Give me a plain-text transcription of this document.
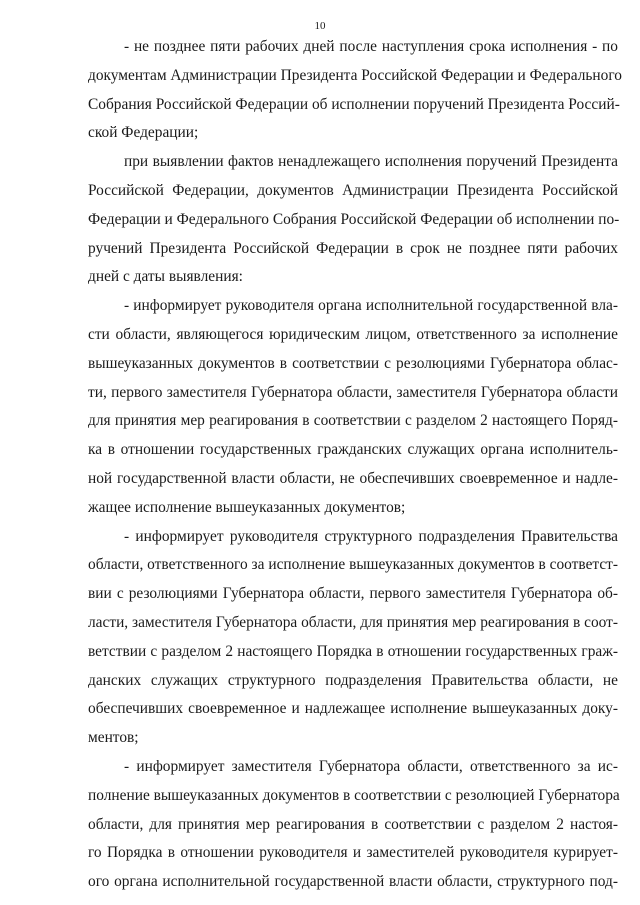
10
- не позднее пяти рабочих дней после наступления срока исполнения - по
документам Администрации Президента Российской Федерации и Федерального
Собрания Российской Федерации об исполнении поручений Президента Россий-
ской Федерации;
при выявлении фактов ненадлежащего исполнения поручений Президента
Российской Федерации, документов Администрации Президента Российской
Федерации и Федерального Собрания Российской Федерации об исполнении по-
ручений Президента Российской Федерации в срок не позднее пяти рабочих
дней с даты выявления:
- информирует руководителя органа исполнительной государственной вла-
сти области, являющегося юридическим лицом, ответственного за исполнение
вышеуказанных документов в соответствии с резолюциями Губернатора облас-
ти, первого заместителя Губернатора области, заместителя Губернатора области
для принятия мер реагирования в соответствии с разделом 2 настоящего Поряд-
ка в отношении государственных гражданских служащих органа исполнитель-
ной государственной власти области, не обеспечивших своевременное и надле-
жащее исполнение вышеуказанных документов;
- информирует руководителя структурного подразделения Правительства
области, ответственного за исполнение вышеуказанных документов в соответст-
вии с резолюциями Губернатора области, первого заместителя Губернатора об-
ласти, заместителя Губернатора области, для принятия мер реагирования в соот-
ветствии с разделом 2 настоящего Порядка в отношении государственных граж-
данских служащих структурного подразделения Правительства области, не
обеспечивших своевременное и надлежащее исполнение вышеуказанных доку-
ментов;
- информирует заместителя Губернатора области, ответственного за ис-
полнение вышеуказанных документов в соответствии с резолюцией Губернатора
области, для принятия мер реагирования в соответствии с разделом 2 настоя-
го Порядка в отношении руководителя и заместителей руководителя курирует-
ого органа исполнительной государственной власти области, структурного под-
